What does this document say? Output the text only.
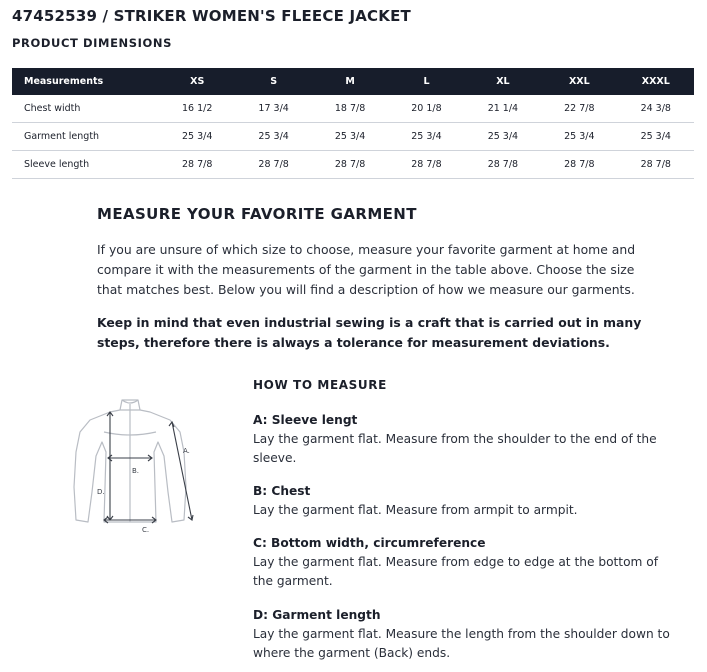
47452539 / STRIKER WOMEN'S FLEECE JACKET
PRODUCT DIMENSIONS
Measurements	XS	S	M	L	XL	XXL	XXXL
Chest width	16 1/2	17 3/4	18 7/8	20 1/8	21 1/4	22 7/8	24 3/8
Garment length	25 3/4	25 3/4	25 3/4	25 3/4	25 3/4	25 3/4	25 3/4
Sleeve length	28 7/8	28 7/8	28 7/8	28 7/8	28 7/8	28 7/8	28 7/8
MEASURE YOUR FAVORITE GARMENT

If you are unsure of which size to choose, measure your favorite garment at home and compare it with the measurements of the garment in the table above. Choose the size that matches best. Below you will find a description of how we measure our garments.

Keep in mind that even industrial sewing is a craft that is carried out in many steps, therefore there is always a tolerance for measurement deviations.

A.
B.
C.
D.
HOW TO MEASURE
A: Sleeve lengt
Lay the garment flat. Measure from the shoulder to the end of the sleeve.
B: Chest
Lay the garment flat. Measure from armpit to armpit.
C: Bottom width, circumreference
Lay the garment flat. Measure from edge to edge at the bottom of the garment.
D: Garment length
Lay the garment flat. Measure the length from the shoulder down to where the garment (Back) ends.
